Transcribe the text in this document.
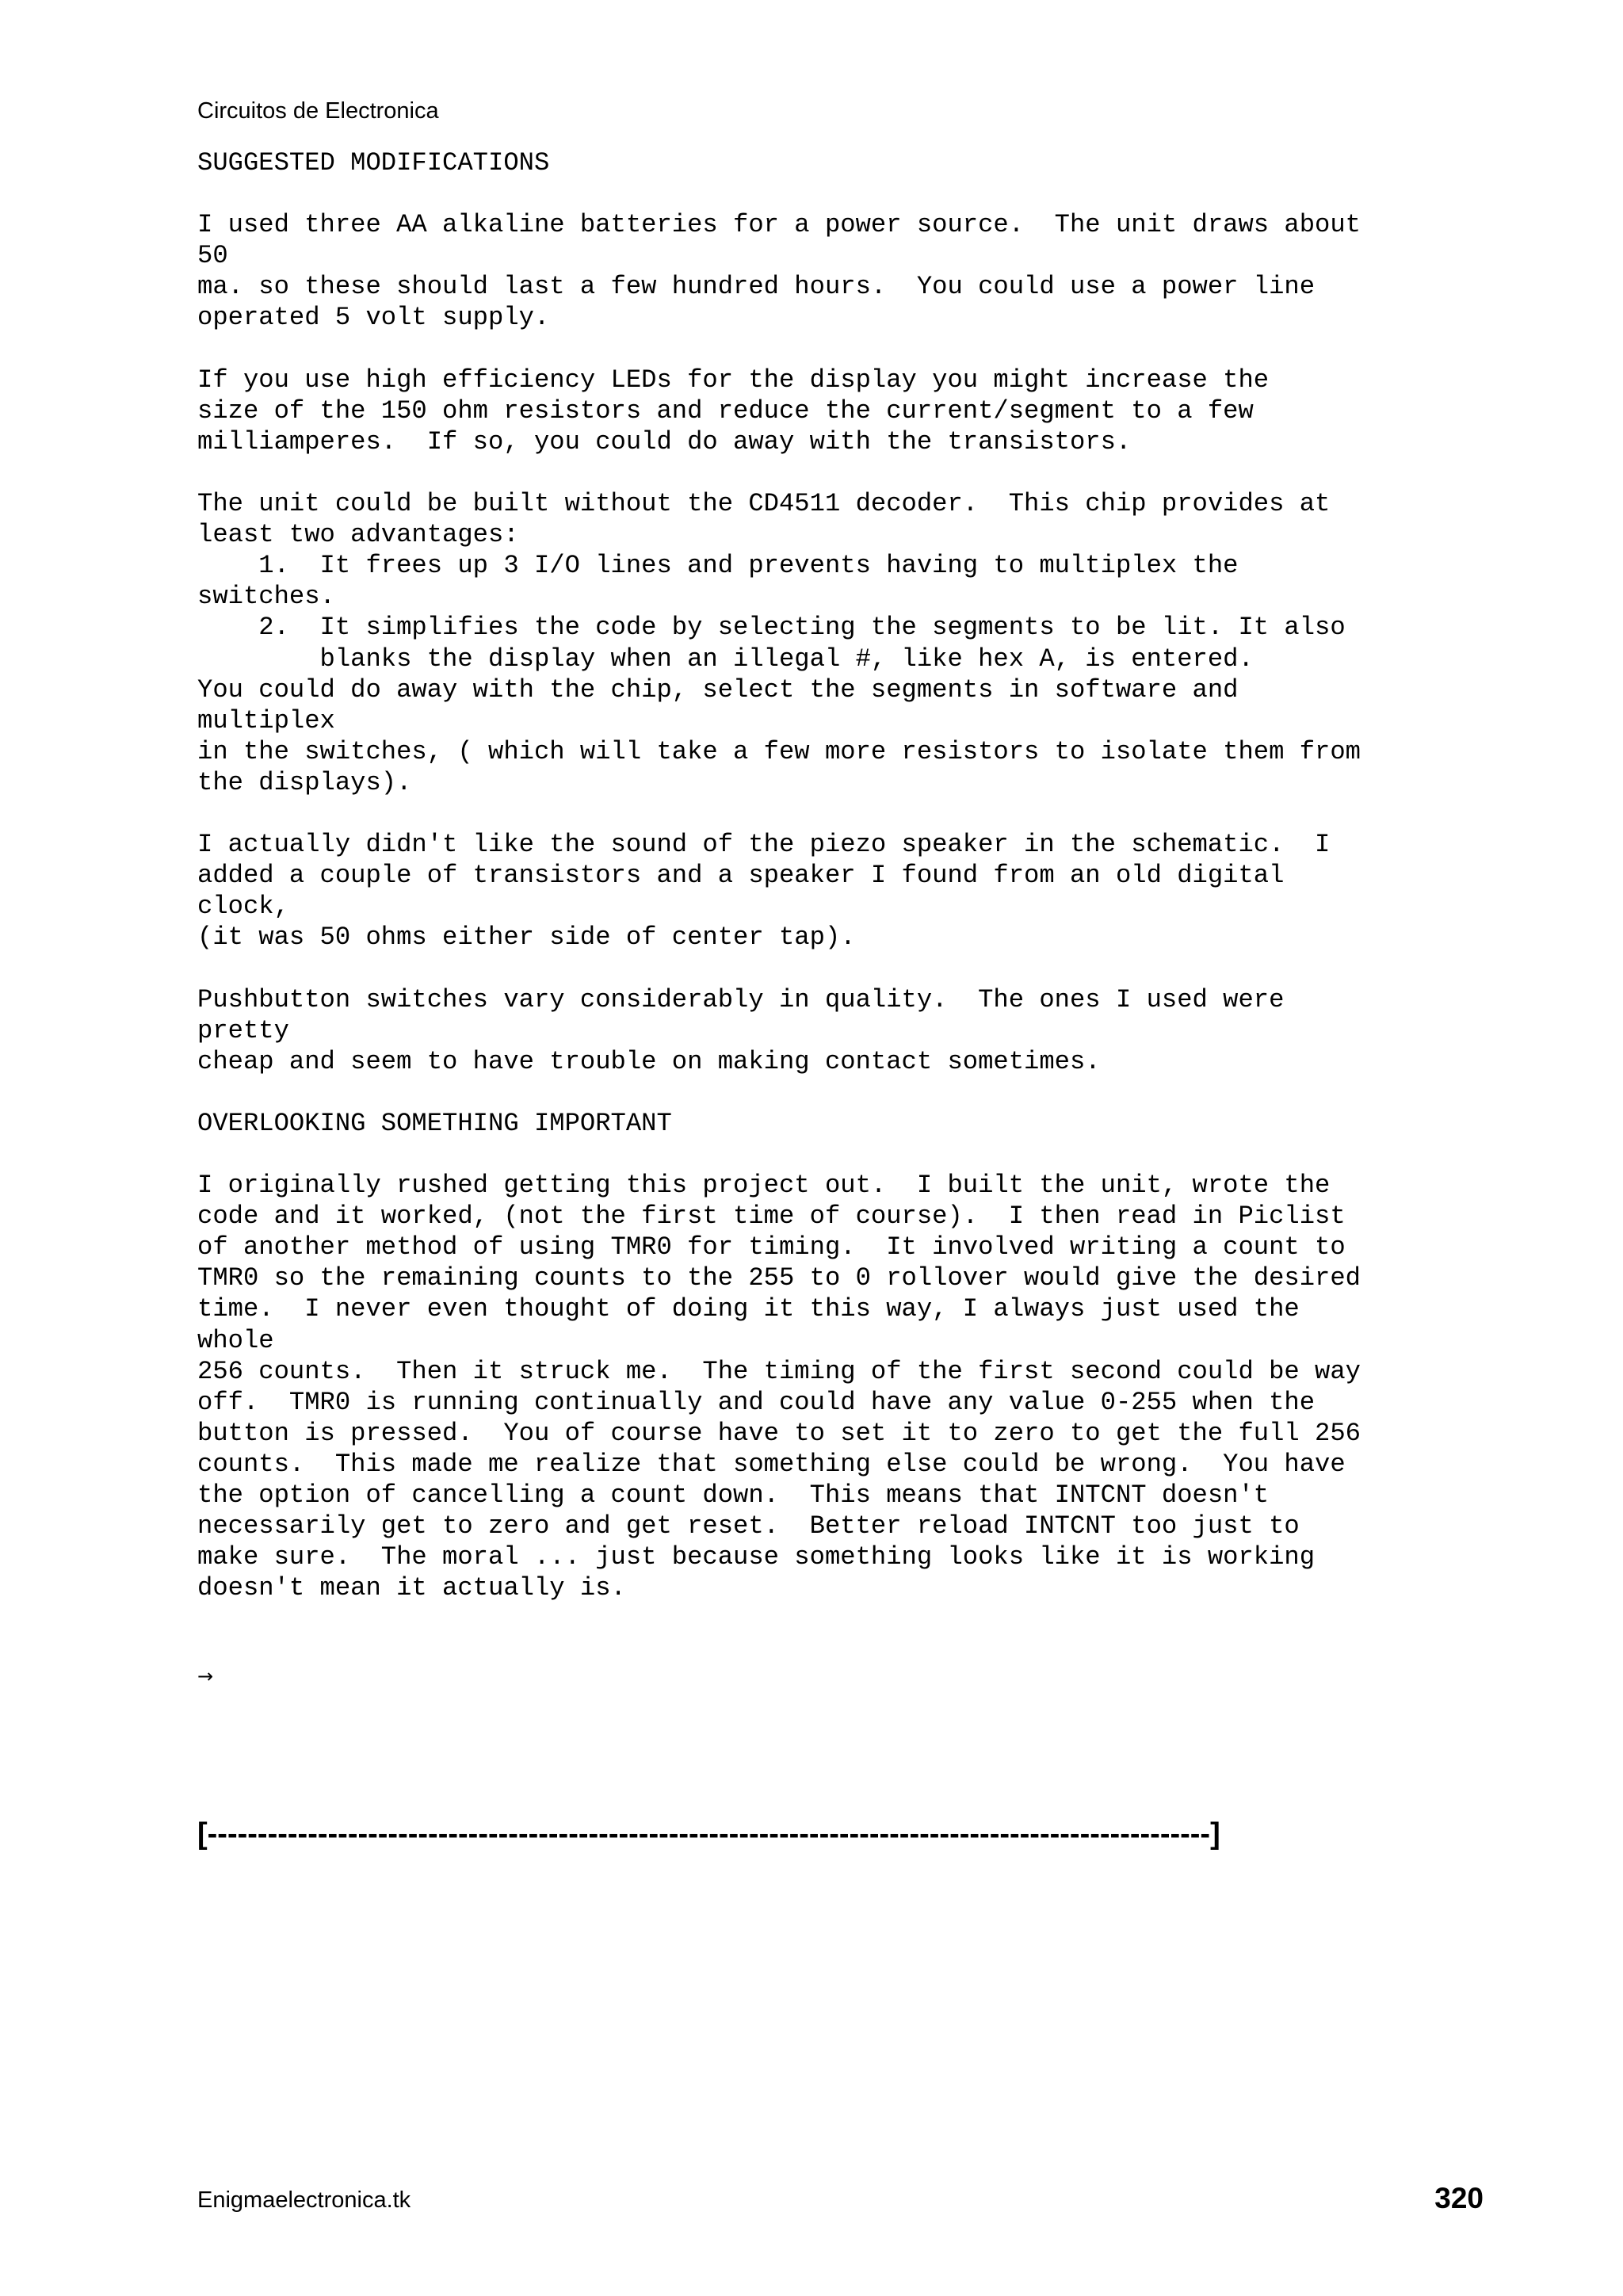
Circuitos de Electronica
SUGGESTED MODIFICATIONS

I used three AA alkaline batteries for a power source.  The unit draws about
50
ma. so these should last a few hundred hours.  You could use a power line
operated 5 volt supply.

If you use high efficiency LEDs for the display you might increase the
size of the 150 ohm resistors and reduce the current/segment to a few
milliamperes.  If so, you could do away with the transistors.

The unit could be built without the CD4511 decoder.  This chip provides at
least two advantages:
1.  It frees up 3 I/O lines and prevents having to multiplex the
switches.
2.  It simplifies the code by selecting the segments to be lit. It also
blanks the display when an illegal #, like hex A, is entered.
You could do away with the chip, select the segments in software and
multiplex
in the switches, ( which will take a few more resistors to isolate them from
the displays).

I actually didn't like the sound of the piezo speaker in the schematic.  I
added a couple of transistors and a speaker I found from an old digital
clock,
(it was 50 ohms either side of center tap).

Pushbutton switches vary considerably in quality.  The ones I used were
pretty
cheap and seem to have trouble on making contact sometimes.

OVERLOOKING SOMETHING IMPORTANT

I originally rushed getting this project out.  I built the unit, wrote the
code and it worked, (not the first time of course).  I then read in Piclist
of another method of using TMR0 for timing.  It involved writing a count to
TMR0 so the remaining counts to the 255 to 0 rollover would give the desired
time.  I never even thought of doing it this way, I always just used the
whole
256 counts.  Then it struck me.  The timing of the first second could be way
off.  TMR0 is running continually and could have any value 0-255 when the
button is pressed.  You of course have to set it to zero to get the full 256
counts.  This made me realize that something else could be wrong.  You have
the option of cancelling a count down.  This means that INTCNT doesn't
necessarily get to zero and get reset.  Better reload INTCNT too just to
make sure.  The moral ... just because something looks like it is working
doesn't mean it actually is.

→
[----------------------------------------------------------------------------------------------------]
Enigmaelectronica.tk	320
